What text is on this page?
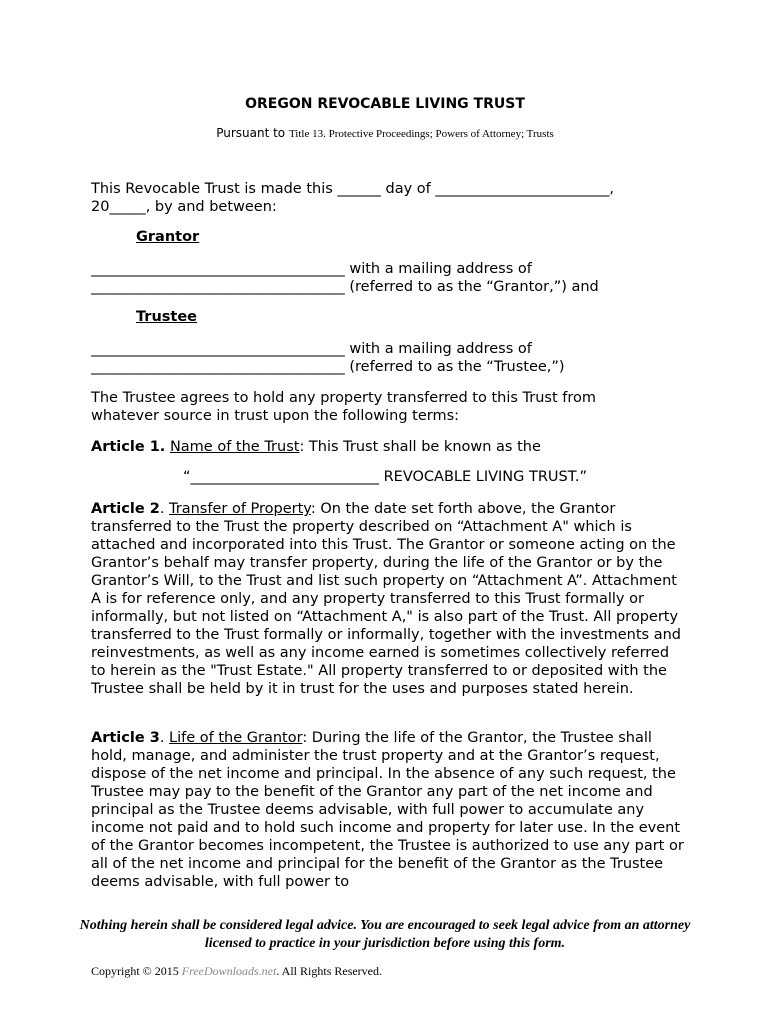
OREGON REVOCABLE LIVING TRUST
Pursuant to Title 13. Protective Proceedings; Powers of Attorney; Trusts
This Revocable Trust is made this ______ day of ________________________,
20_____, by and between:
Grantor
___________________________________ with a mailing address of
___________________________________ (referred to as the “Grantor,”) and
Trustee
___________________________________ with a mailing address of
___________________________________ (referred to as the “Trustee,”)
The Trustee agrees to hold any property transferred to this Trust from whatever source in trust upon the following terms:
Article 1. Name of the Trust: This Trust shall be known as the
“__________________________ REVOCABLE LIVING TRUST.”
Article 2. Transfer of Property: On the date set forth above, the Grantor transferred to the Trust the property described on “Attachment A" which is attached and incorporated into this Trust. The Grantor or someone acting on the Grantor’s behalf may transfer property, during the life of the Grantor or by the Grantor’s Will, to the Trust and list such property on “Attachment A”. Attachment A is for reference only, and any property transferred to this Trust formally or informally, but not listed on “Attachment A," is also part of the Trust. All property transferred to the Trust formally or informally, together with the investments and reinvestments, as well as any income earned is sometimes collectively referred to herein as the "Trust Estate." All property transferred to or deposited with the Trustee shall be held by it in trust for the uses and purposes stated herein.
Article 3. Life of the Grantor: During the life of the Grantor, the Trustee shall hold, manage, and administer the trust property and at the Grantor’s request, dispose of the net income and principal. In the absence of any such request, the Trustee may pay to the benefit of the Grantor any part of the net income and principal as the Trustee deems advisable, with full power to accumulate any income not paid and to hold such income and property for later use. In the event of the Grantor becomes incompetent, the Trustee is authorized to use any part or all of the net income and principal for the benefit of the Grantor as the Trustee deems advisable, with full power to
Nothing herein shall be considered legal advice. You are encouraged to seek legal advice from an attorney licensed to practice in your jurisdiction before using this form.
Copyright © 2015 FreeDownloads.net. All Rights Reserved.
